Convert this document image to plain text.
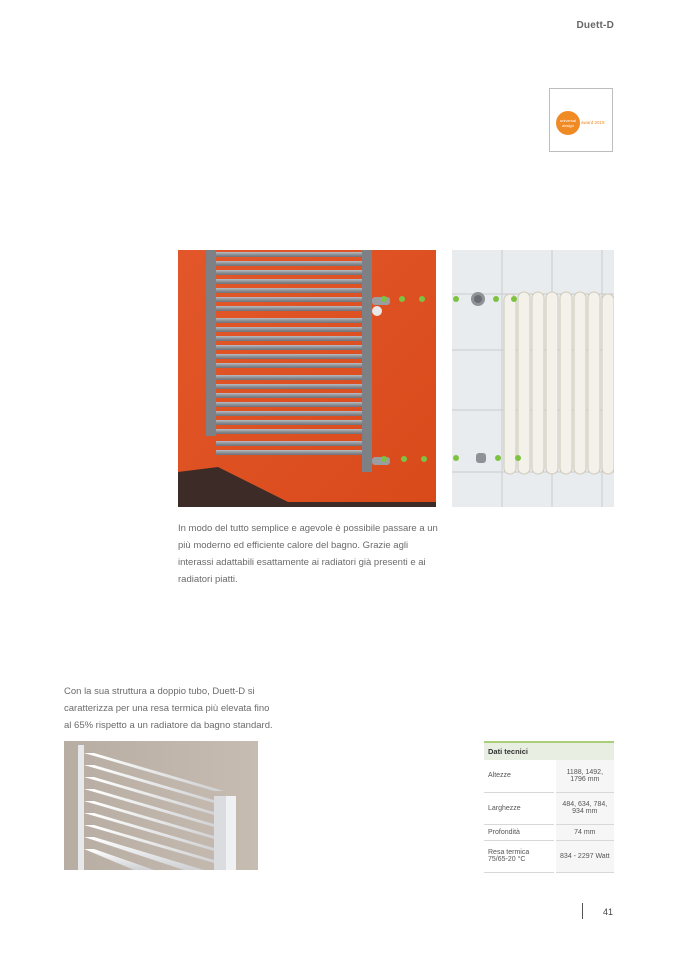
Duett-D
universal
design
award 2019
In modo del tutto semplice e agevole è possibile passare a un più moderno ed efficiente calore del bagno. Grazie agli interassi adattabili esattamente ai radiatori già presenti e ai radiatori piatti.
Con la sua struttura a doppio tubo, Duett-D si caratterizza per una resa termica più elevata fino al 65% rispetto a un radiatore da bagno standard.
Dati tecnici	
Altezze	1188, 1492, 1796 mm
Larghezze	484, 634, 784, 934 mm
Profondità	74 mm
Resa termica 75/65-20 °C	834 - 2297 Watt
41
